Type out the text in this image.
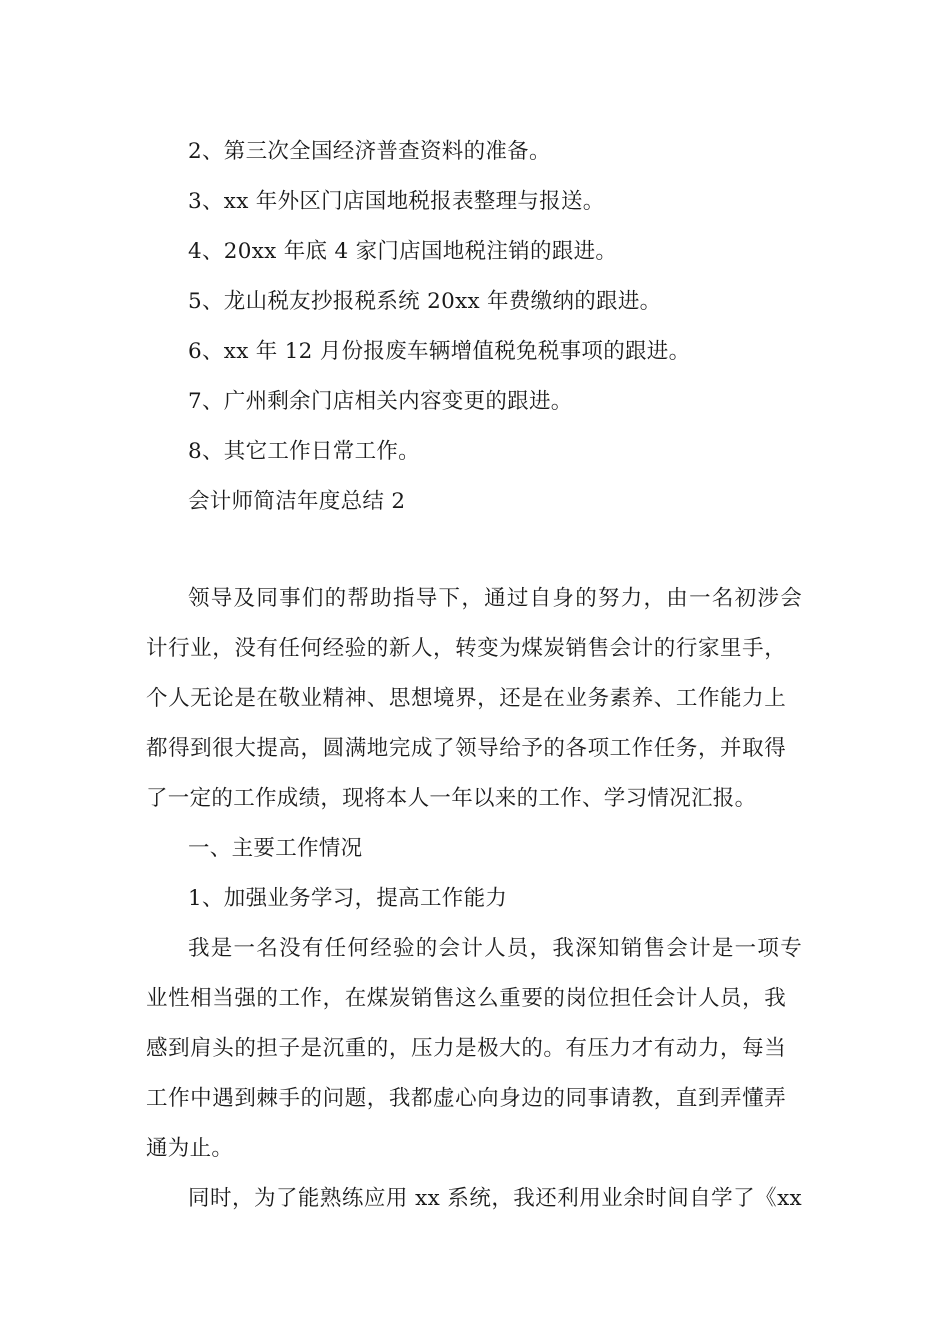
2、第三次全国经济普查资料的准备。
3、xx 年外区门店国地税报表整理与报送。
4、20xx 年底 4 家门店国地税注销的跟进。
5、龙山税友抄报税系统 20xx 年费缴纳的跟进。
6、xx 年 12 月份报废车辆增值税免税事项的跟进。
7、广州剩余门店相关内容变更的跟进。
8、其它工作日常工作。
会计师简洁年度总结 2
领导及同事们的帮助指导下，通过自身的努力，由一名初涉会
计行业，没有任何经验的新人，转变为煤炭销售会计的行家里手，
个人无论是在敬业精神、思想境界，还是在业务素养、工作能力上
都得到很大提高，圆满地完成了领导给予的各项工作任务，并取得
了一定的工作成绩，现将本人一年以来的工作、学习情况汇报。
一、主要工作情况
1、加强业务学习，提高工作能力
我是一名没有任何经验的会计人员，我深知销售会计是一项专
业性相当强的工作，在煤炭销售这么重要的岗位担任会计人员，我
感到肩头的担子是沉重的，压力是极大的。有压力才有动力，每当
工作中遇到棘手的问题，我都虚心向身边的同事请教，直到弄懂弄
通为止。
同时，为了能熟练应用 xx 系统，我还利用业余时间自学了《xx
